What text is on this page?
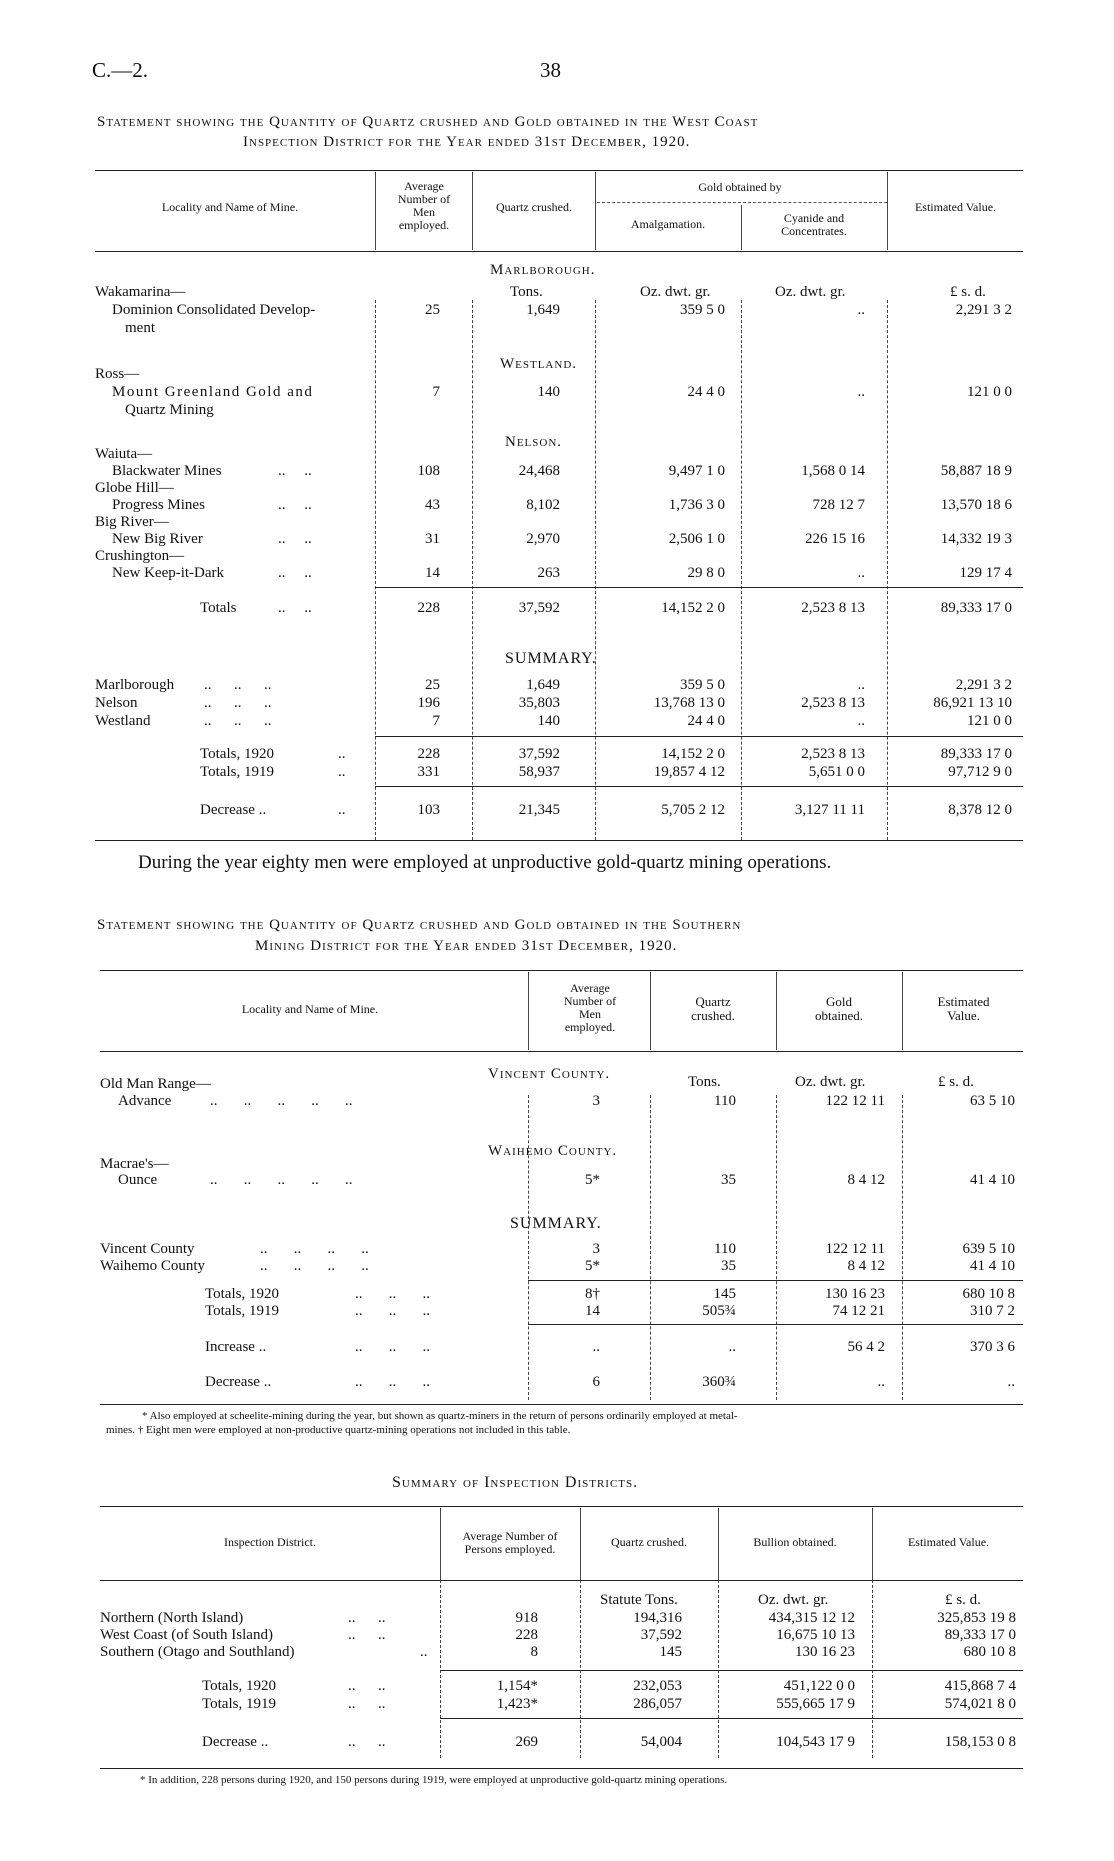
C.—2.	38
Statement showing the Quantity of Quartz crushed and Gold obtained in the West Coast
Inspection District for the Year ended 31st December, 1920.
Locality and Name of Mine.
Average
Number of
Men
employed.
Quartz crushed.
Gold obtained by
Amalgamation.	Cyanide and
Concentrates.
Estimated Value.
Marlborough.
Tons.	Oz. dwt. gr.	Oz. dwt. gr.	£ s. d.
Wakamarina—
Dominion Consolidated Develop-
ment
25	1,649	359 5 0	..	2,291 3 2
Westland.
Ross—
Mount Greenland Gold and
Quartz Mining
7	140	24 4 0	..	121 0 0
Nelson.
Waiuta—
Blackwater Mines	..     ..	108	24,468	9,497 1 0	1,568 0 14	58,887 18 9
Globe Hill—
Progress Mines	..     ..	43	8,102	1,736 3 0	728 12 7	13,570 18 6
Big River—
New Big River	..     ..	31	2,970	2,506 1 0	226 15 16	14,332 19 3
Crushington—
New Keep-it-Dark	..     ..	14	263	29 8 0	..	129 17 4
Totals	..     ..	228	37,592	14,152 2 0	2,523 8 13	89,333 17 0
SUMMARY.
Marlborough ..      ..      ..	25	1,649	359 5 0	..	2,291 3 2
Nelson	..      ..      ..	196	35,803	13,768 13 0	2,523 8 13	86,921 13 10
Westland	..      ..      ..	7	140	24 4 0	..	121 0 0
Totals, 1920	..	228	37,592	14,152 2 0	2,523 8 13	89,333 17 0
Totals, 1919	..	331	58,937	19,857 4 12	5,651 0 0	97,712 9 0
Decrease ..	..	103	21,345	5,705 2 12	3,127 11 11	8,378 12 0
During the year eighty men were employed at unproductive gold-quartz mining operations.
Statement showing the Quantity of Quartz crushed and Gold obtained in the Southern
Mining District for the Year ended 31st December, 1920.
Locality and Name of Mine.
Average
Number of
Men
employed.
Quartz
crushed.
Gold
obtained.
Estimated
Value.
Vincent County.	Tons.	Oz. dwt. gr.	£ s. d.
Old Man Range—
Advance	..       ..       ..       ..       ..	3	110	122 12 11	63 5 10
Waihemo County.
Macrae's—
Ounce	..       ..       ..       ..       ..	5*	35	8 4 12	41 4 10
SUMMARY.
Vincent County	..       ..       ..       ..	3	110	122 12 11	639 5 10
Waihemo County	..       ..       ..       ..	5*	35	8 4 12	41 4 10
Totals, 1920	..       ..       ..	8†	145	130 16 23	680 10 8
Totals, 1919	..       ..       ..	14	505¾	74 12 21	310 7 2
Increase ..	..       ..       ..	..	..	56 4 2	370 3 6
Decrease ..	..       ..       ..	6	360¾	..	..
* Also employed at scheelite-mining during the year, but shown as quartz-miners in the return of persons ordinarily employed at metal-
mines. † Eight men were employed at non-productive quartz-mining operations not included in this table.
Summary of Inspection Districts.
Inspection District.	Average Number of
Persons employed.	Quartz crushed.	Bullion obtained.	Estimated Value.
Statute Tons.	Oz. dwt. gr.	£ s. d.
Northern (North Island)	..      ..	918	194,316	434,315 12 12	325,853 19 8
West Coast (of South Island)	..      ..	228	37,592	16,675 10 13	89,333 17 0
Southern (Otago and Southland)	..	8	145	130 16 23	680 10 8
Totals, 1920	..      ..	1,154*	232,053	451,122 0 0	415,868 7 4
Totals, 1919	..      ..	1,423*	286,057	555,665 17 9	574,021 8 0
Decrease ..	..      ..	269	54,004	104,543 17 9	158,153 0 8
* In addition, 228 persons during 1920, and 150 persons during 1919, were employed at unproductive gold-quartz mining operations.
